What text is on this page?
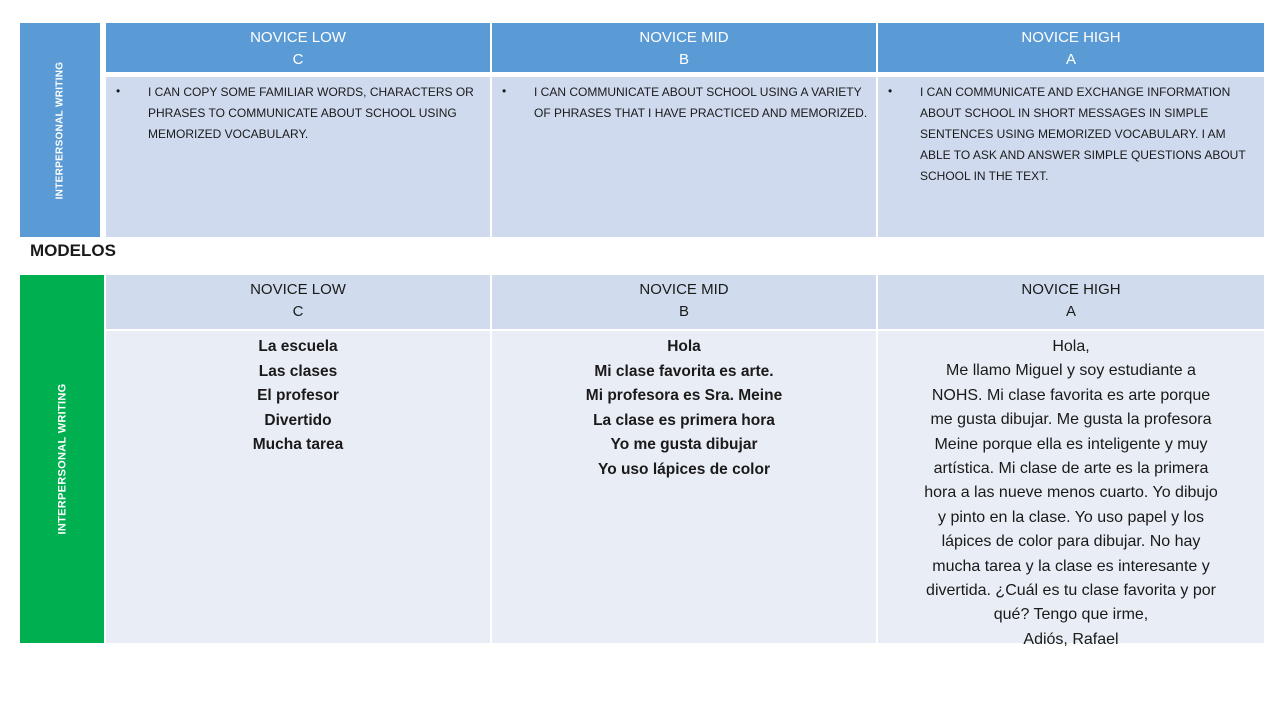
INTERPERSONAL WRITING
NOVICE LOW
C
NOVICE MID
B
NOVICE HIGH
A
• I CAN COPY SOME FAMILIAR WORDS, CHARACTERS OR PHRASES TO COMMUNICATE ABOUT SCHOOL USING MEMORIZED VOCABULARY.
• I CAN COMMUNICATE ABOUT SCHOOL USING A VARIETY OF PHRASES THAT I HAVE PRACTICED AND MEMORIZED.
• I CAN COMMUNICATE AND EXCHANGE INFORMATION ABOUT SCHOOL IN SHORT MESSAGES IN SIMPLE SENTENCES USING MEMORIZED VOCABULARY. I AM ABLE TO ASK AND ANSWER SIMPLE QUESTIONS ABOUT SCHOOL IN THE TEXT.
MODELOS
INTERPERSONAL WRITING
NOVICE LOW
C
NOVICE MID
B
NOVICE HIGH
A
La escuela
Las clases
El profesor
Divertido
Mucha tarea
Hola
Mi clase favorita es arte.
Mi profesora es Sra. Meine
La clase es primera hora
Yo me gusta dibujar
Yo uso lápices de color
Hola,
Me llamo Miguel y soy estudiante a
NOHS. Mi clase favorita es arte porque
me gusta dibujar. Me gusta la profesora
Meine porque ella es inteligente y muy
artística. Mi clase de arte es la primera
hora a las nueve menos cuarto. Yo dibujo
y pinto en la clase. Yo uso papel y los
lápices de color para dibujar. No hay
mucha tarea y la clase es interesante y
divertida. ¿Cuál es tu clase favorita y por
qué? Tengo que irme,
Adiós, Rafael
